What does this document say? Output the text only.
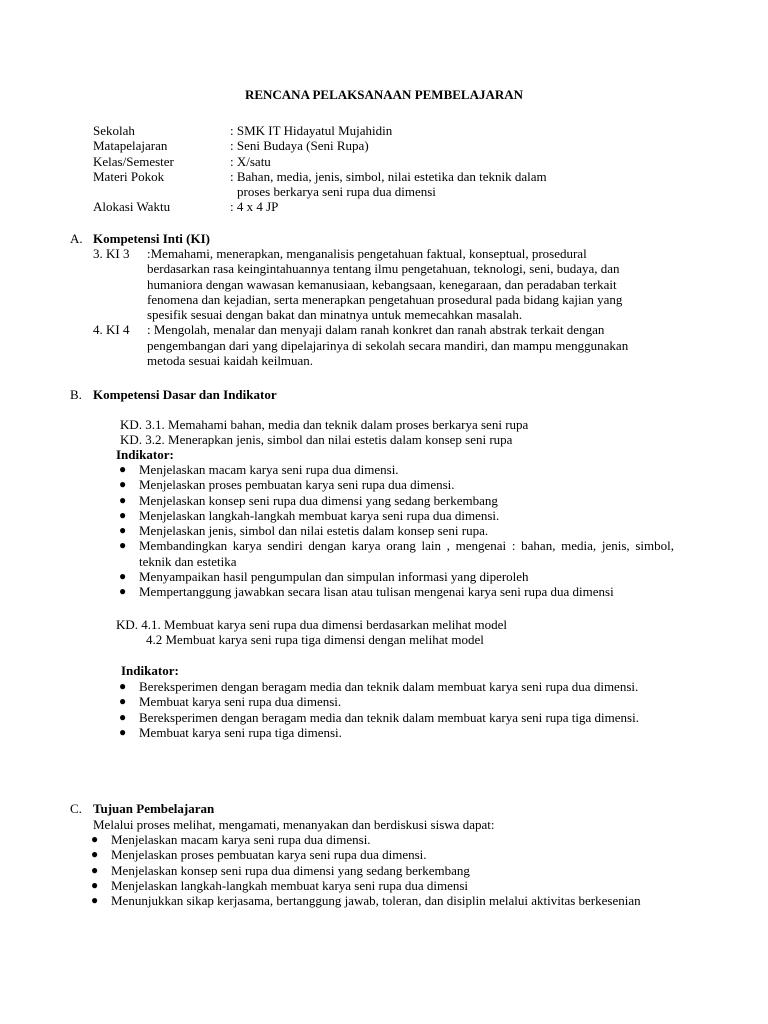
RENCANA PELAKSANAAN PEMBELAJARAN
Sekolah	: SMK IT Hidayatul Mujahidin
Matapelajaran	: Seni Budaya (Seni Rupa)
Kelas/Semester	: X/satu
Materi Pokok	: Bahan, media, jenis, simbol, nilai estetika dan teknik dalam
proses berkarya seni rupa dua dimensi
Alokasi Waktu	: 4 x 4 JP
A. Kompetensi Inti (KI)
3. KI 3	:Memahami, menerapkan, menganalisis pengetahuan faktual, konseptual, prosedural
berdasarkan rasa keingintahuannya tentang ilmu pengetahuan, teknologi, seni, budaya, dan
humaniora dengan wawasan kemanusiaan, kebangsaan, kenegaraan, dan peradaban terkait
fenomena dan kejadian, serta menerapkan pengetahuan prosedural pada bidang kajian yang
spesifik sesuai dengan bakat dan minatnya untuk memecahkan masalah.
4. KI 4	: Mengolah, menalar dan menyaji dalam ranah konkret dan ranah abstrak terkait dengan
pengembangan dari yang dipelajarinya di sekolah secara mandiri, dan mampu menggunakan
metoda sesuai kaidah keilmuan.
B. Kompetensi Dasar dan Indikator
KD. 3.1. Memahami bahan, media dan teknik dalam proses berkarya seni rupa
KD. 3.2. Menerapkan jenis, simbol dan nilai estetis dalam konsep seni rupa
Indikator:
● Menjelaskan macam karya seni rupa dua dimensi.
● Menjelaskan proses pembuatan karya seni rupa dua dimensi.
● Menjelaskan konsep seni rupa dua dimensi yang sedang berkembang
● Menjelaskan langkah-langkah membuat karya seni rupa dua dimensi.
● Menjelaskan jenis, simbol dan nilai estetis dalam konsep seni rupa.
● Membandingkan karya sendiri dengan karya orang lain , mengenai : bahan, media, jenis, simbol, teknik dan estetika
● Menyampaikan hasil pengumpulan dan simpulan informasi yang diperoleh
● Mempertanggung jawabkan secara lisan atau tulisan mengenai karya seni rupa dua dimensi
KD. 4.1. Membuat karya seni rupa dua dimensi berdasarkan melihat model
4.2 Membuat karya seni rupa tiga dimensi dengan melihat model
Indikator:
● Bereksperimen dengan beragam media dan teknik dalam membuat karya seni rupa dua dimensi.
● Membuat karya seni rupa dua dimensi.
● Bereksperimen dengan beragam media dan teknik dalam membuat karya seni rupa tiga dimensi.
● Membuat karya seni rupa tiga dimensi.
C. Tujuan Pembelajaran
Melalui proses melihat, mengamati, menanyakan dan berdiskusi siswa dapat:
● Menjelaskan macam karya seni rupa dua dimensi.
● Menjelaskan proses pembuatan karya seni rupa dua dimensi.
● Menjelaskan konsep seni rupa dua dimensi yang sedang berkembang
● Menjelaskan langkah-langkah membuat karya seni rupa dua dimensi
● Menunjukkan sikap kerjasama, bertanggung jawab, toleran, dan disiplin melalui aktivitas berkesenian
